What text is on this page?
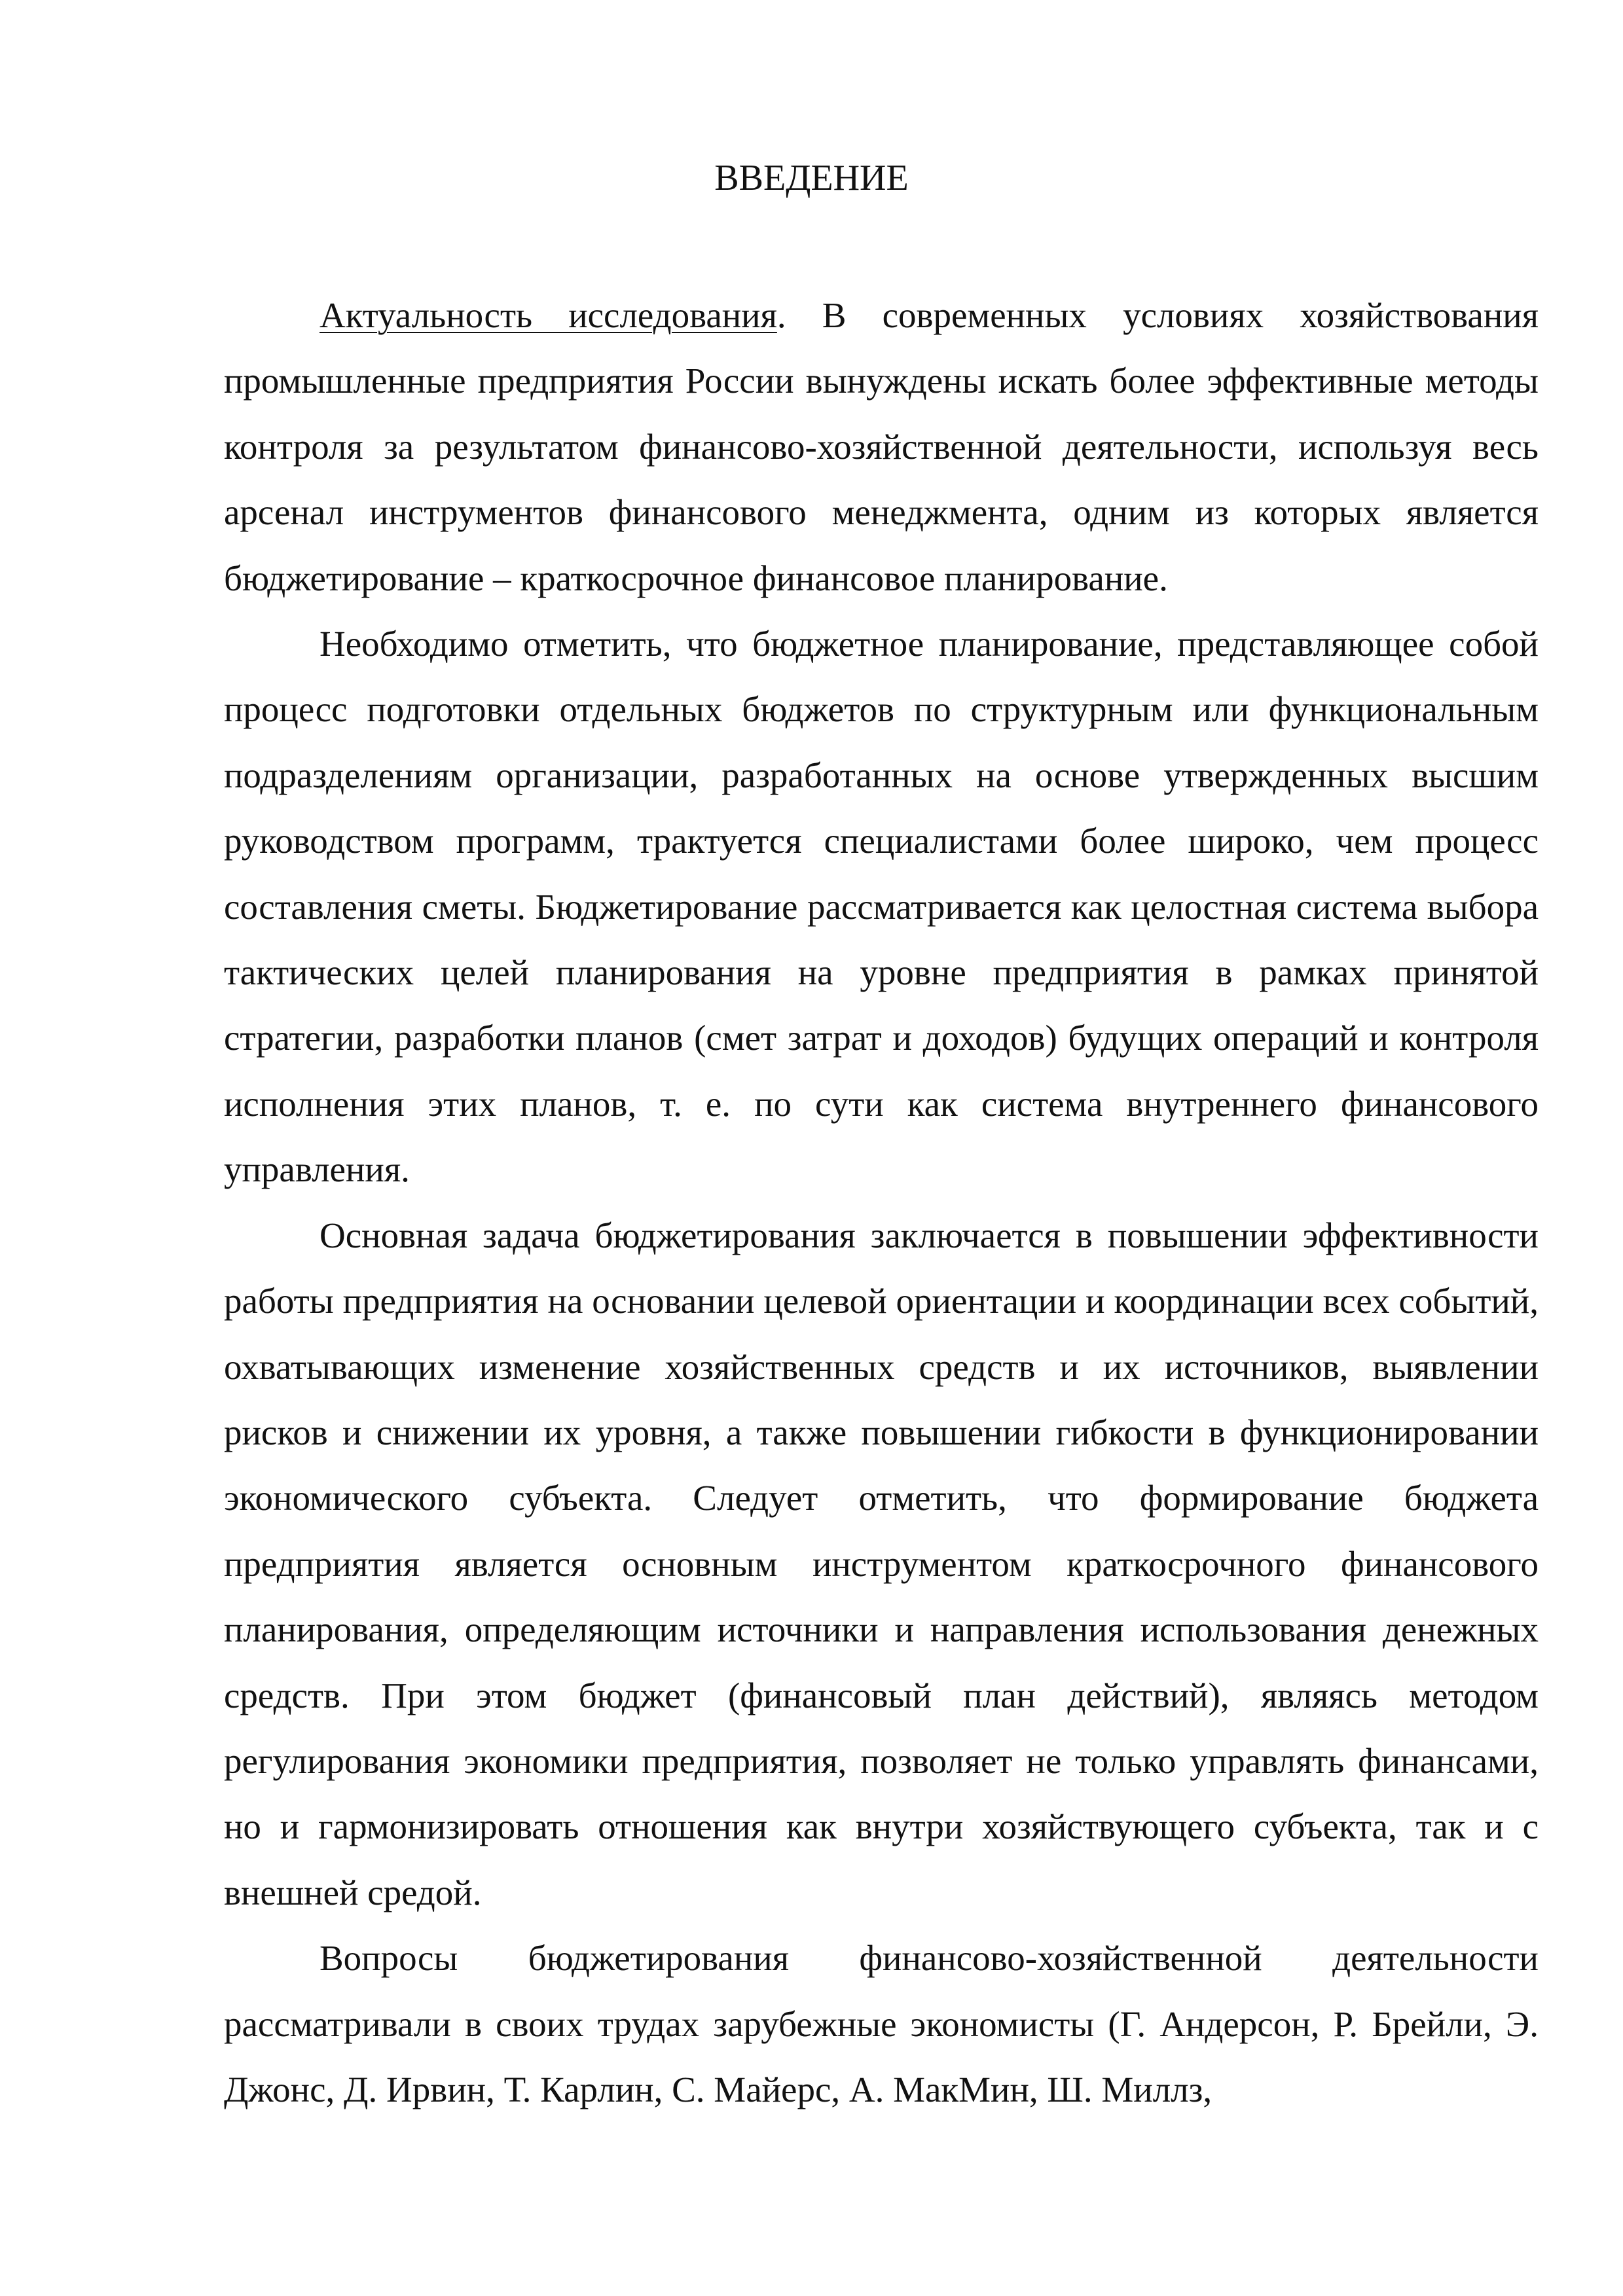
ВВЕДЕНИЕ

Актуальность исследования. В современных условиях хозяйствования промышленные предприятия России вынуждены искать более эффективные методы контроля за результатом финансово-хозяйственной деятельности, используя весь арсенал инструментов финансового менеджмента, одним из которых является бюджетирование – краткосрочное финансовое планирование.

Необходимо отметить, что бюджетное планирование, представляющее собой процесс подготовки отдельных бюджетов по структурным или функциональным подразделениям организации, разработанных на основе утвержденных высшим руководством программ, трактуется специалистами более широко, чем процесс составления сметы. Бюджетирование рассматривается как целостная система выбора тактических целей планирования на уровне предприятия в рамках принятой стратегии, разработки планов (смет затрат и доходов) будущих операций и контроля исполнения этих планов, т. е. по сути как система внутреннего финансового управления.

Основная задача бюджетирования заключается в повышении эффективности работы предприятия на основании целевой ориентации и координации всех событий, охватывающих изменение хозяйственных средств и их источников, выявлении рисков и снижении их уровня, а также повышении гибкости в функционировании экономического субъекта. Следует отметить, что формирование бюджета предприятия является основным инструментом краткосрочного финансового планирования, определяющим источники и направления использования денежных средств. При этом бюджет (финансовый план действий), являясь методом регулирования экономики предприятия, позволяет не только управлять финансами, но и гармонизировать отношения как внутри хозяйствующего субъекта, так и с внешней средой.

Вопросы бюджетирования финансово-хозяйственной деятельности рассматривали в своих трудах зарубежные экономисты (Г. Андерсон, Р. Брейли, Э. Джонс, Д. Ирвин, Т. Карлин, С. Майерс, А. МакМин, Ш. Миллз,
